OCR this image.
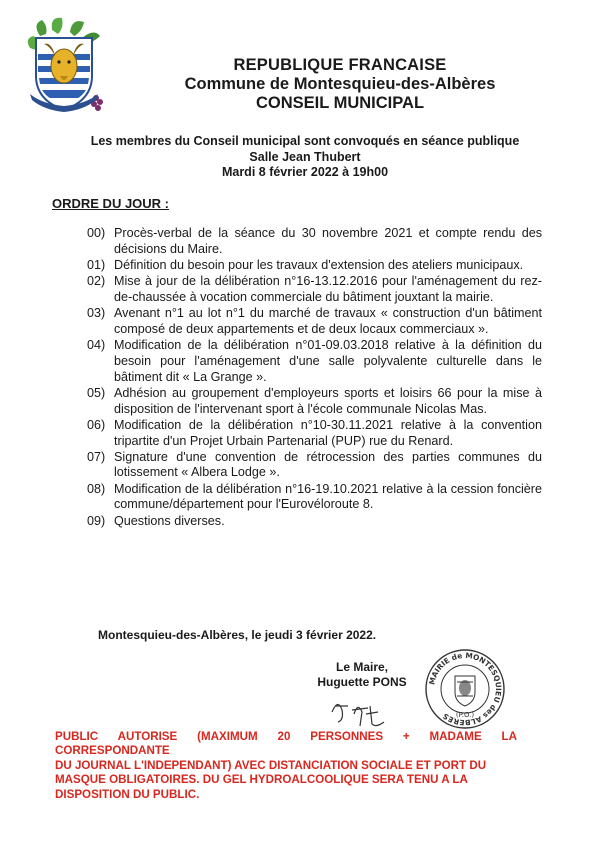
REPUBLIQUE FRANCAISE
Commune de Montesquieu-des-Albères
CONSEIL MUNICIPAL
Les membres du Conseil municipal sont convoqués en séance publique
Salle Jean Thubert
Mardi 8 février 2022 à 19h00
ORDRE DU JOUR :
00) Procès-verbal de la séance du 30 novembre 2021 et compte rendu des décisions du Maire.
01) Définition du besoin pour les travaux d'extension des ateliers municipaux.
02) Mise à jour de la délibération n°16-13.12.2016 pour l'aménagement du rez-de-chaussée à vocation commerciale du bâtiment jouxtant la mairie.
03) Avenant n°1 au lot n°1 du marché de travaux « construction d'un bâtiment composé de deux appartements et de deux locaux commerciaux ».
04) Modification de la délibération n°01-09.03.2018 relative à la définition du besoin pour l'aménagement d'une salle polyvalente culturelle dans le bâtiment dit « La Grange ».
05) Adhésion au groupement d'employeurs sports et loisirs 66 pour la mise à disposition de l'intervenant sport à l'école communale Nicolas Mas.
06) Modification de la délibération n°10-30.11.2021 relative à la convention tripartite d'un Projet Urbain Partenarial (PUP) rue du Renard.
07) Signature d'une convention de rétrocession des parties communes du lotissement « Albera Lodge ».
08) Modification de la délibération n°16-19.10.2021 relative à la cession foncière commune/département pour l'Eurovéloroute 8.
09) Questions diverses.
Montesquieu-des-Albères, le jeudi 3 février 2022.
Le Maire,
Huguette PONS	MAIRIE de MONTESQUIEU des ALBERES (P.O.)
PUBLIC AUTORISE (MAXIMUM 20 PERSONNES + MADAME LA CORRESPONDANTE
DU JOURNAL L'INDEPENDANT) AVEC DISTANCIATION SOCIALE ET PORT DU
MASQUE OBLIGATOIRES. DU GEL HYDROALCOOLIQUE SERA TENU A LA
DISPOSITION DU PUBLIC.
